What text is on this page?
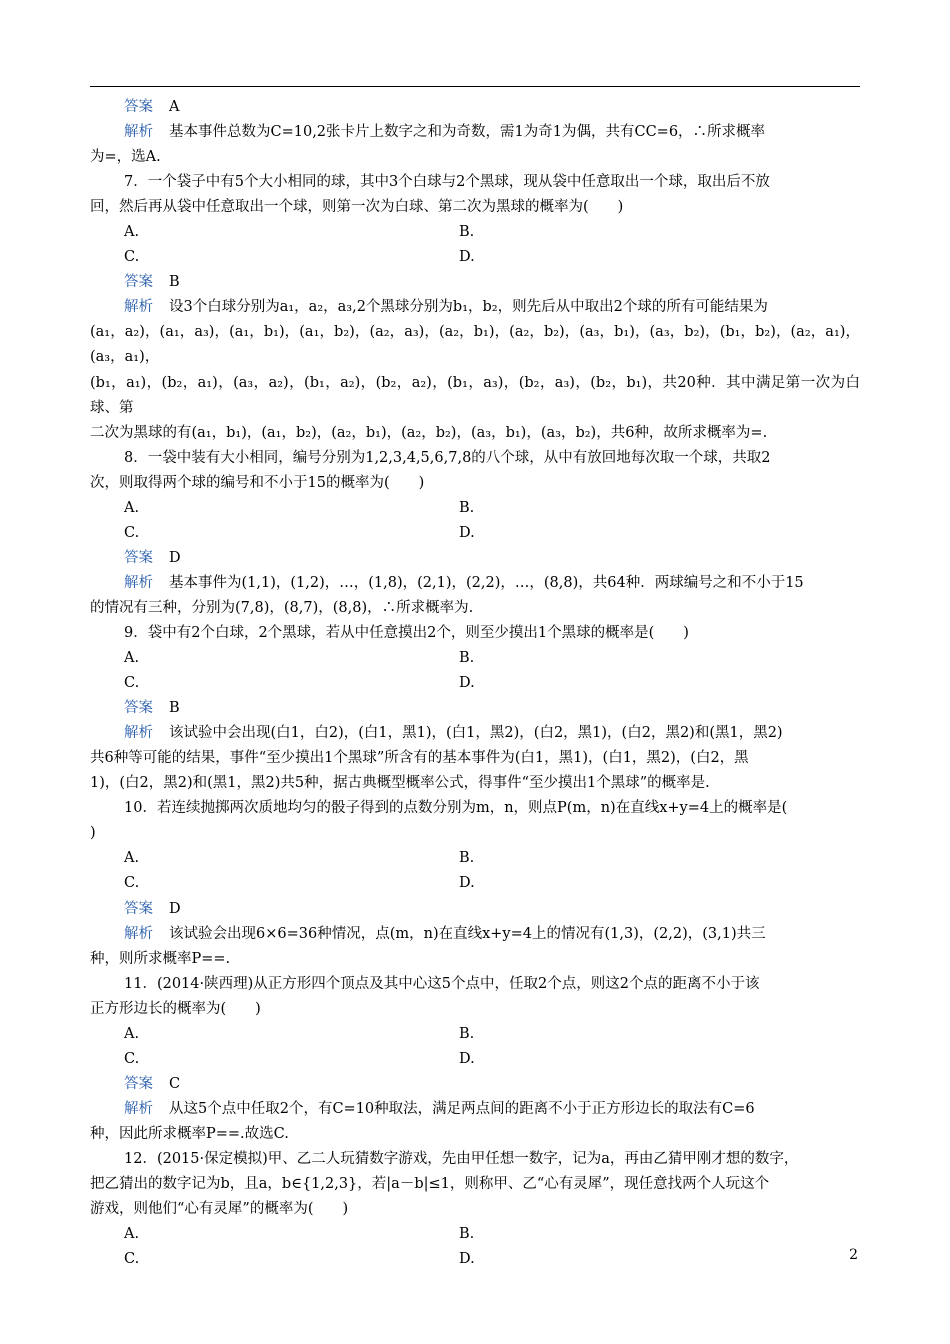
答案 A
解析 基本事件总数为C=10,2张卡片上数字之和为奇数，需1为奇1为偶，共有CC=6，∴所求概率
为=，选A.
7．一个袋子中有5个大小相同的球，其中3个白球与2个黑球，现从袋中任意取出一个球，取出后不放
回，然后再从袋中任意取出一个球，则第一次为白球、第二次为黑球的概率为(　　)
A.	B.
C.	D.
答案 B
解析 设3个白球分别为a₁，a₂，a₃,2个黑球分别为b₁，b₂，则先后从中取出2个球的所有可能结果为
(a₁，a₂)，(a₁，a₃)，(a₁，b₁)，(a₁，b₂)，(a₂，a₃)，(a₂，b₁)，(a₂，b₂)，(a₃，b₁)，(a₃，b₂)，(b₁，b₂)，(a₂，a₁)，(a₃，a₁)，
(b₁，a₁)，(b₂，a₁)，(a₃，a₂)，(b₁，a₂)，(b₂，a₂)，(b₁，a₃)，(b₂，a₃)，(b₂，b₁)，共20种．其中满足第一次为白球、第
二次为黑球的有(a₁，b₁)，(a₁，b₂)，(a₂，b₁)，(a₂，b₂)，(a₃，b₁)，(a₃，b₂)，共6种，故所求概率为=.
8．一袋中装有大小相同，编号分别为1,2,3,4,5,6,7,8的八个球，从中有放回地每次取一个球，共取2
次，则取得两个球的编号和不小于15的概率为(　　)
A.	B.
C.	D.
答案 D
解析 基本事件为(1,1)，(1,2)，…，(1,8)，(2,1)，(2,2)，…，(8,8)，共64种．两球编号之和不小于15
的情况有三种，分别为(7,8)，(8,7)，(8,8)，∴所求概率为.
9．袋中有2个白球，2个黑球，若从中任意摸出2个，则至少摸出1个黑球的概率是(　　)
A.	B.
C.	D.
答案 B
解析 该试验中会出现(白1，白2)，(白1，黑1)，(白1，黑2)，(白2，黑1)，(白2，黑2)和(黑1，黑2)
共6种等可能的结果，事件“至少摸出1个黑球”所含有的基本事件为(白1，黑1)，(白1，黑2)，(白2，黑
1)，(白2，黑2)和(黑1，黑2)共5种，据古典概型概率公式，得事件“至少摸出1个黑球”的概率是.
10．若连续抛掷两次质地均匀的骰子得到的点数分别为m，n，则点P(m，n)在直线x+y=4上的概率是(
)
A.	B.
C.	D.
答案 D
解析 该试验会出现6×6=36种情况，点(m，n)在直线x+y=4上的情况有(1,3)，(2,2)，(3,1)共三
种，则所求概率P==.
11．(2014·陕西理)从正方形四个顶点及其中心这5个点中，任取2个点，则这2个点的距离不小于该
正方形边长的概率为(　　)
A.	B.
C.	D.
答案 C
解析 从这5个点中任取2个，有C=10种取法，满足两点间的距离不小于正方形边长的取法有C=6
种，因此所求概率P==.故选C.
12．(2015·保定模拟)甲、乙二人玩猜数字游戏，先由甲任想一数字，记为a，再由乙猜甲刚才想的数字，
把乙猜出的数字记为b，且a，b∈{1,2,3}，若|a－b|≤1，则称甲、乙“心有灵犀”，现任意找两个人玩这个
游戏，则他们“心有灵犀”的概率为(　　)
A.	B.
C.	D.	2
